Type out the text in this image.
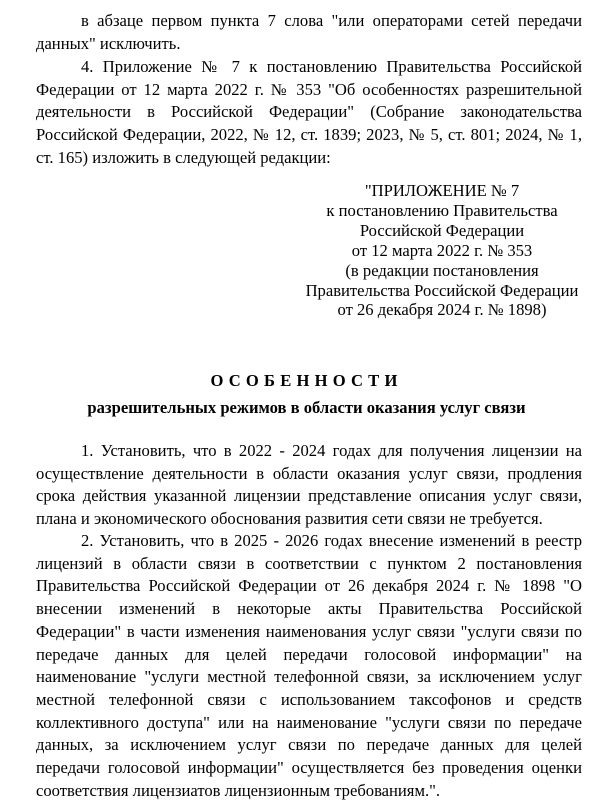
в абзаце первом пункта 7 слова "или операторами сетей передачи данных" исключить.

4. Приложение № 7 к постановлению Правительства Российской Федерации от 12 марта 2022 г. № 353 "Об особенностях разрешительной деятельности в Российской Федерации" (Собрание законодательства Российской Федерации, 2022, № 12, ст. 1839; 2023, № 5, ст. 801; 2024, № 1, ст. 165) изложить в следующей редакции:

"ПРИЛОЖЕНИЕ № 7
к постановлению Правительства
Российской Федерации
от 12 марта 2022 г. № 353
(в редакции постановления
Правительства Российской Федерации
от 26 декабря 2024 г. № 1898)
ОСОБЕННОСТИ
разрешительных режимов в области оказания услуг связи

1. Установить, что в 2022 - 2024 годах для получения лицензии на осуществление деятельности в области оказания услуг связи, продления срока действия указанной лицензии представление описания услуг связи, плана и экономического обоснования развития сети связи не требуется.

2. Установить, что в 2025 - 2026 годах внесение изменений в реестр лицензий в области связи в соответствии с пунктом 2 постановления Правительства Российской Федерации от 26 декабря 2024 г. № 1898 "О внесении изменений в некоторые акты Правительства Российской Федерации" в части изменения наименования услуг связи "услуги связи по передаче данных для целей передачи голосовой информации" на наименование "услуги местной телефонной связи, за исключением услуг местной телефонной связи с использованием таксофонов и средств коллективного доступа" или на наименование "услуги связи по передаче данных, за исключением услуг связи по передаче данных для целей передачи голосовой информации" осуществляется без проведения оценки соответствия лицензиатов лицензионным требованиям.".
